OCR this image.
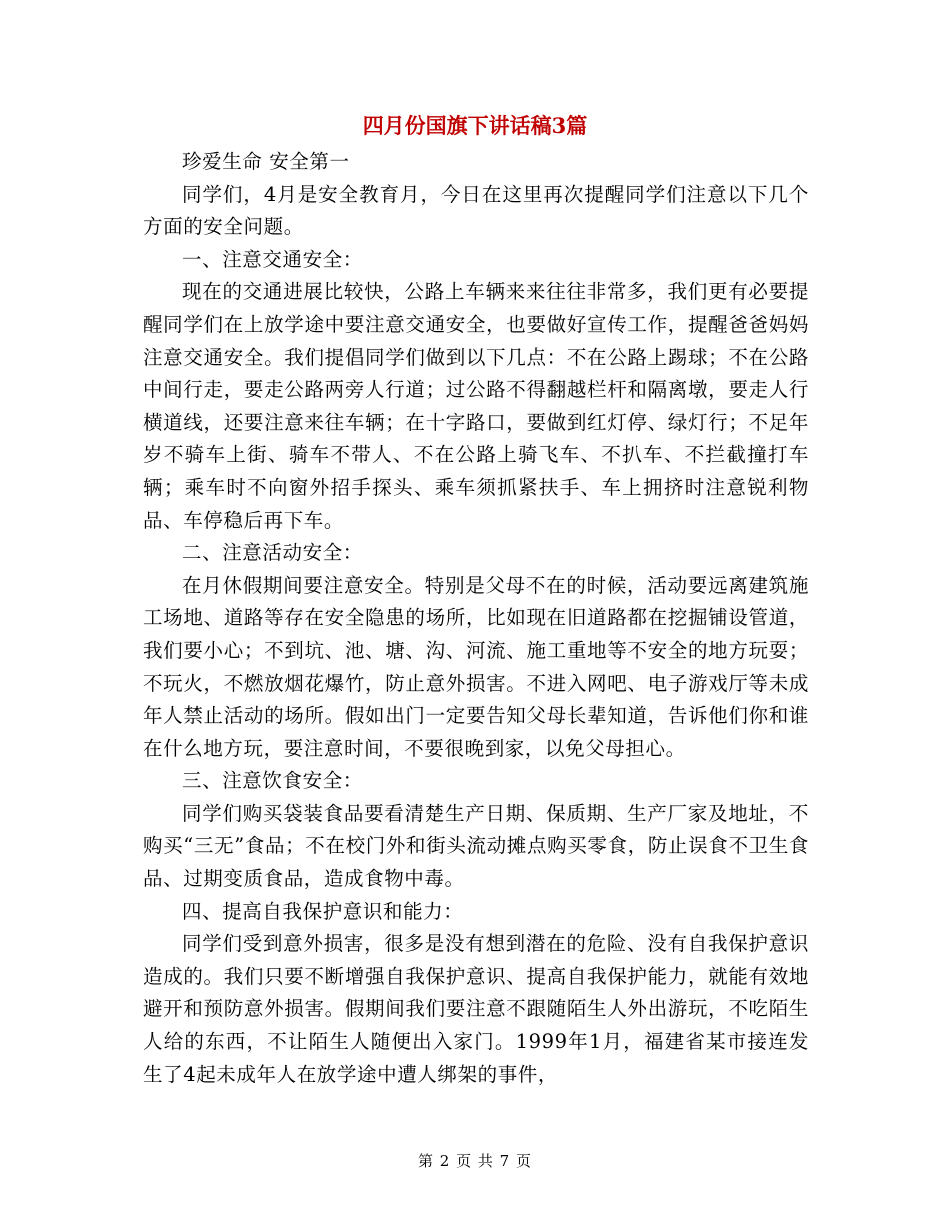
四月份国旗下讲话稿3篇

珍爱生命 安全第一

同学们，4月是安全教育月，今日在这里再次提醒同学们注意以下几个方面的安全问题。

一、注意交通安全：

现在的交通进展比较快，公路上车辆来来往往非常多，我们更有必要提醒同学们在上放学途中要注意交通安全，也要做好宣传工作，提醒爸爸妈妈注意交通安全。我们提倡同学们做到以下几点：不在公路上踢球；不在公路中间行走，要走公路两旁人行道；过公路不得翻越栏杆和隔离墩，要走人行横道线，还要注意来往车辆；在十字路口，要做到红灯停、绿灯行；不足年岁不骑车上街、骑车不带人、不在公路上骑飞车、不扒车、不拦截撞打车辆；乘车时不向窗外招手探头、乘车须抓紧扶手、车上拥挤时注意锐利物品、车停稳后再下车。

二、注意活动安全：

在月休假期间要注意安全。特别是父母不在的时候，活动要远离建筑施工场地、道路等存在安全隐患的场所，比如现在旧道路都在挖掘铺设管道，我们要小心；不到坑、池、塘、沟、河流、施工重地等不安全的地方玩耍；不玩火，不燃放烟花爆竹，防止意外损害。不进入网吧、电子游戏厅等未成年人禁止活动的场所。假如出门一定要告知父母长辈知道，告诉他们你和谁在什么地方玩，要注意时间，不要很晚到家，以免父母担心。

三、注意饮食安全：

同学们购买袋装食品要看清楚生产日期、保质期、生产厂家及地址，不购买“三无”食品；不在校门外和街头流动摊点购买零食，防止误食不卫生食品、过期变质食品，造成食物中毒。

四、提高自我保护意识和能力：

同学们受到意外损害，很多是没有想到潜在的危险、没有自我保护意识造成的。我们只要不断增强自我保护意识、提高自我保护能力，就能有效地避开和预防意外损害。假期间我们要注意不跟随陌生人外出游玩，不吃陌生人给的东西，不让陌生人随便出入家门。1999年1月，福建省某市接连发生了4起未成年人在放学途中遭人绑架的事件，

第 2 页 共 7 页
